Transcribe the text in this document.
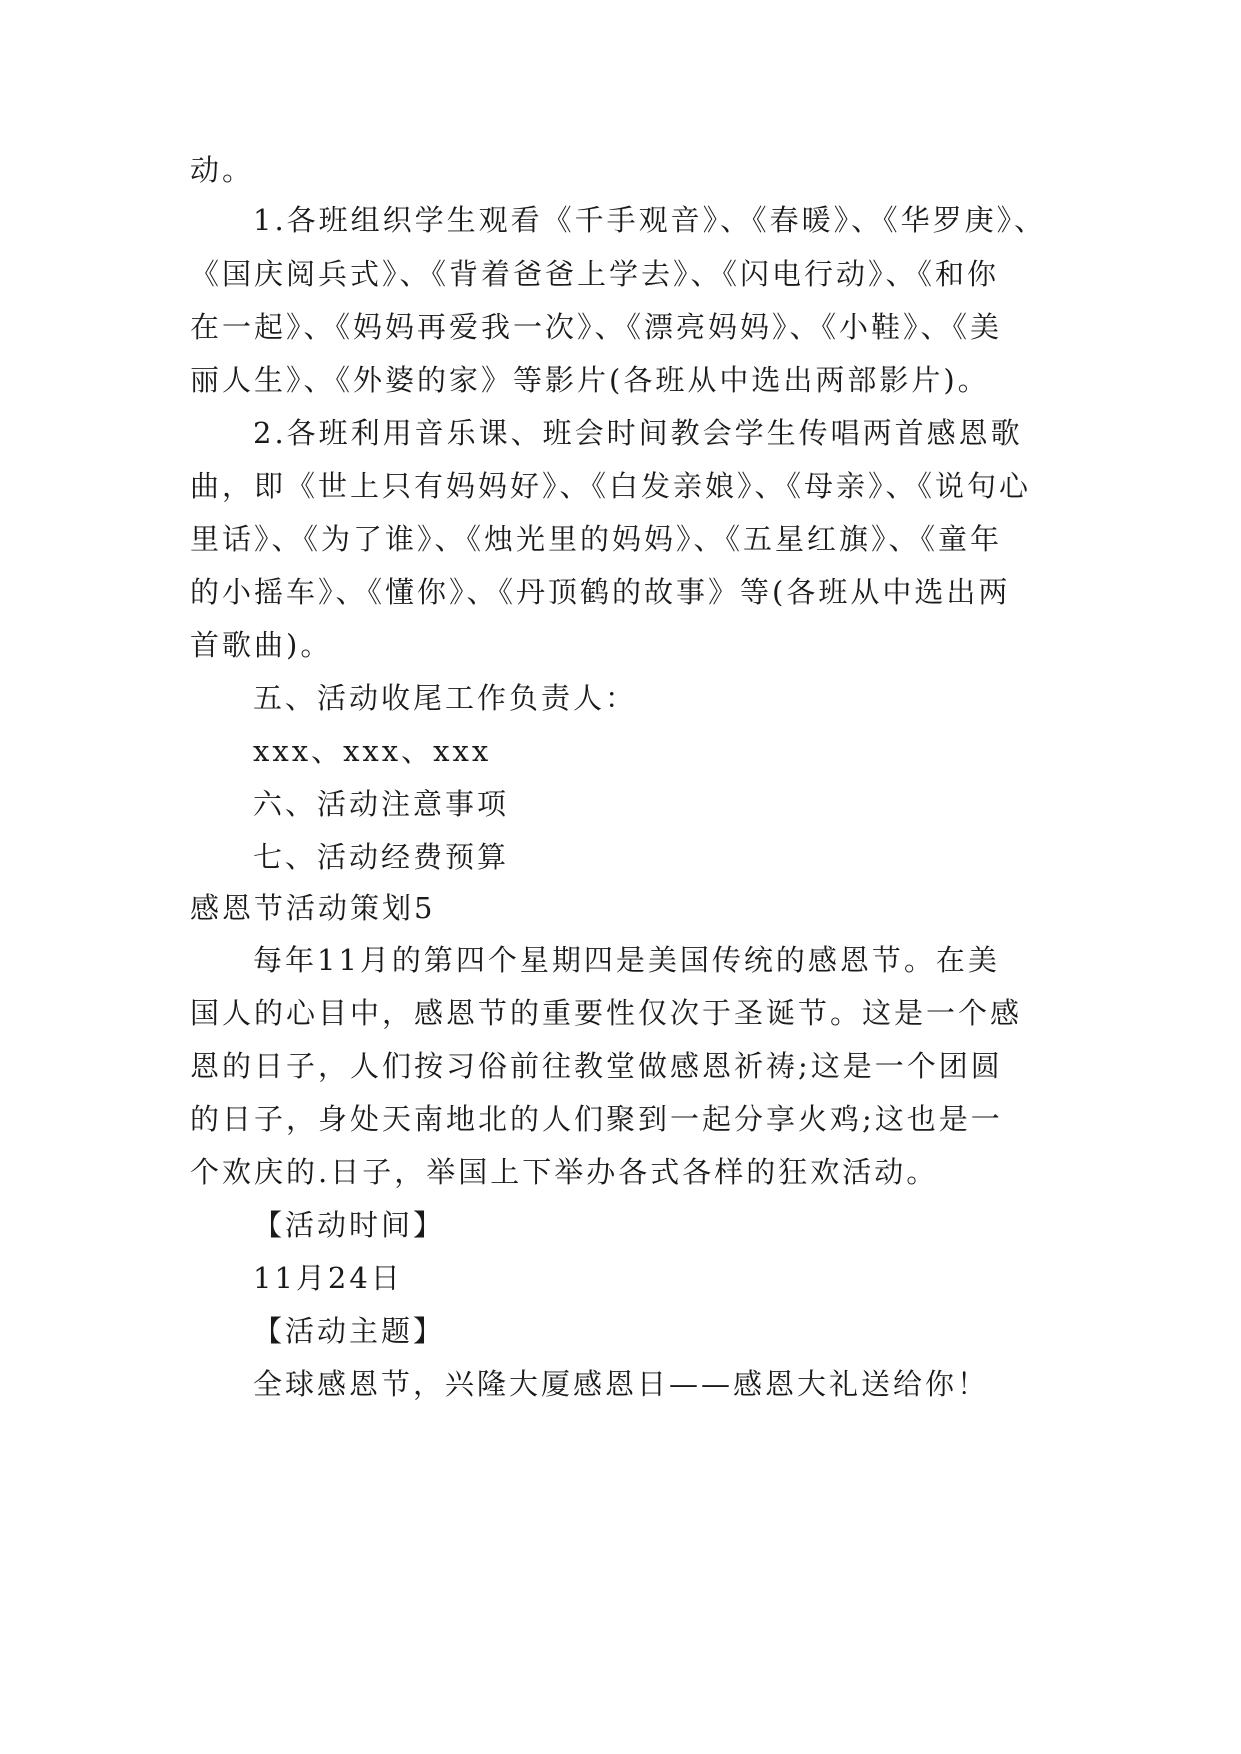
动。
1.各班组织学生观看《千手观音》、《春暖》、《华罗庚》、
《国庆阅兵式》、《背着爸爸上学去》、《闪电行动》、《和你
在一起》、《妈妈再爱我一次》、《漂亮妈妈》、《小鞋》、《美
丽人生》、《外婆的家》等影片(各班从中选出两部影片)。
2.各班利用音乐课、班会时间教会学生传唱两首感恩歌
曲，即《世上只有妈妈好》、《白发亲娘》、《母亲》、《说句心
里话》、《为了谁》、《烛光里的妈妈》、《五星红旗》、《童年
的小摇车》、《懂你》、《丹顶鹤的故事》等(各班从中选出两
首歌曲)。
五、活动收尾工作负责人：
xxx、xxx、xxx
六、活动注意事项
七、活动经费预算
感恩节活动策划5
每年11月的第四个星期四是美国传统的感恩节。在美
国人的心目中，感恩节的重要性仅次于圣诞节。这是一个感
恩的日子，人们按习俗前往教堂做感恩祈祷;这是一个团圆
的日子，身处天南地北的人们聚到一起分享火鸡;这也是一
个欢庆的.日子，举国上下举办各式各样的狂欢活动。
【活动时间】
11月24日
【活动主题】
全球感恩节，兴隆大厦感恩日——感恩大礼送给你！
